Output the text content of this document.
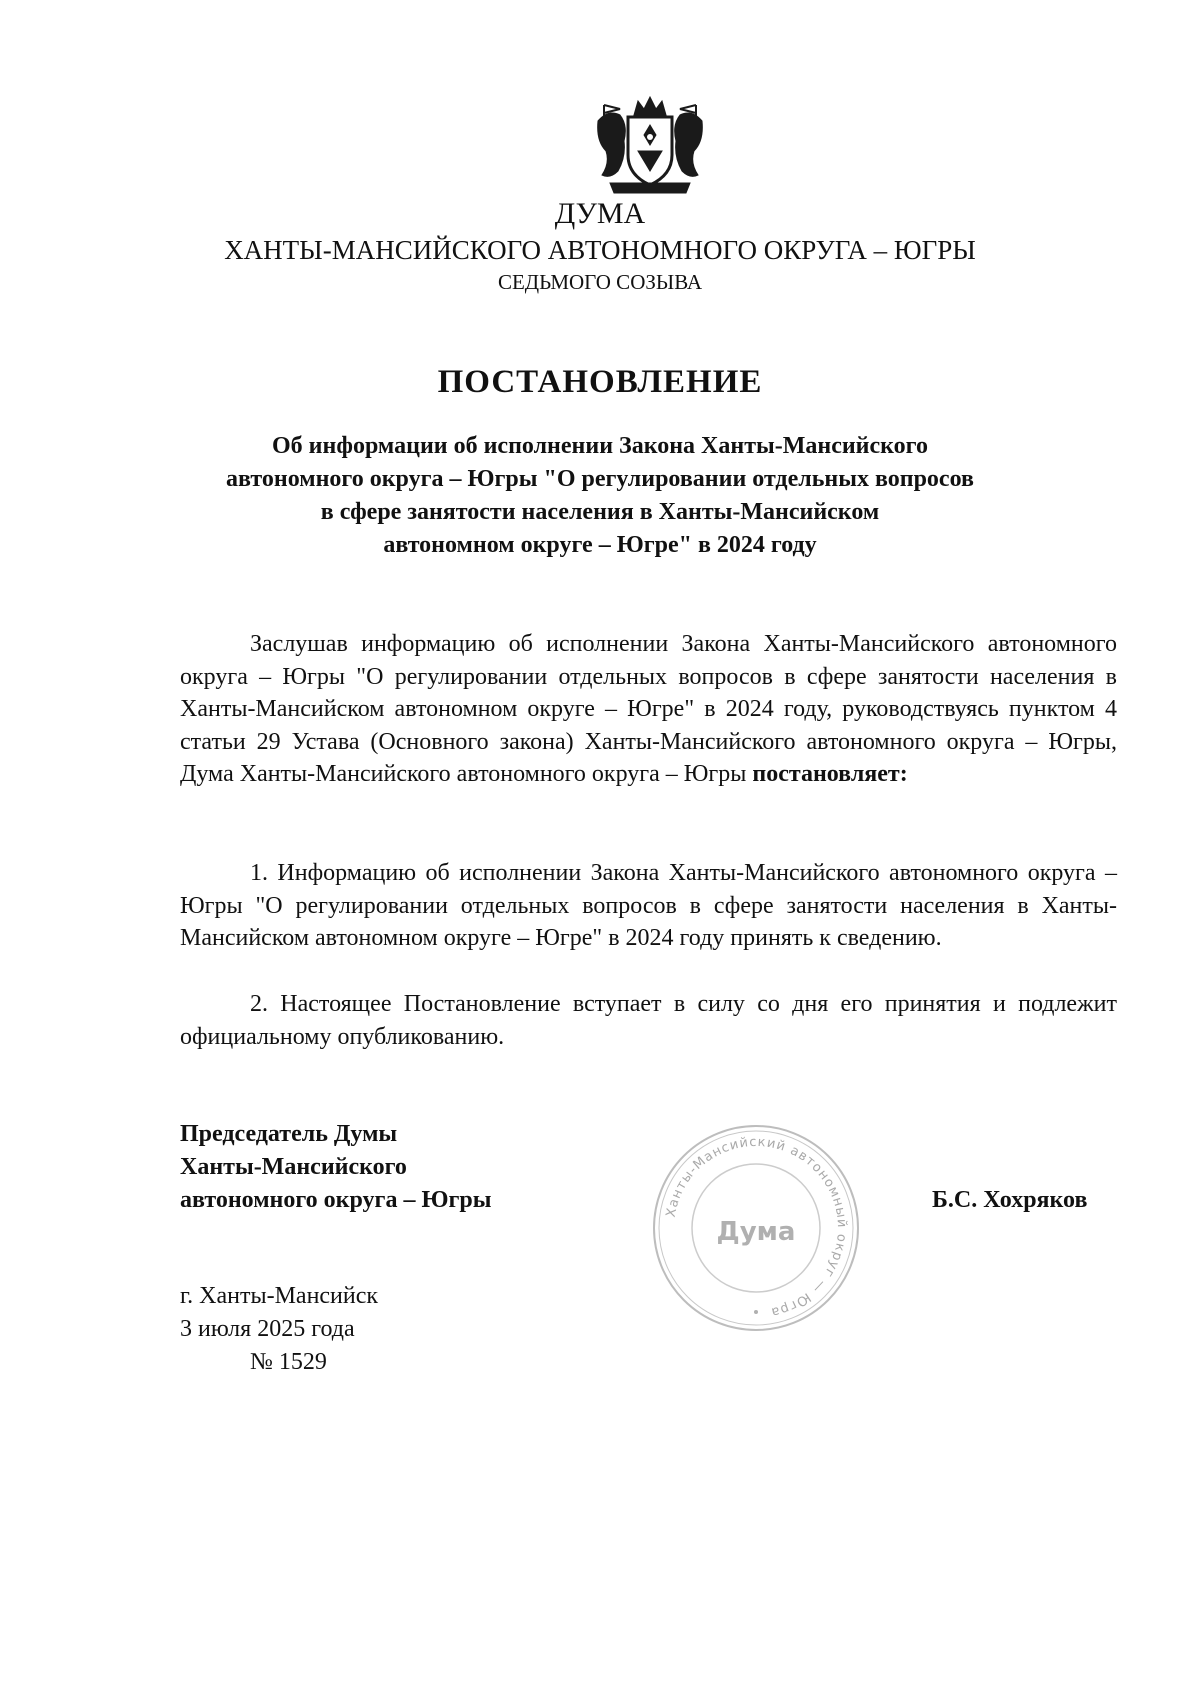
ДУМА
ХАНТЫ-МАНСИЙСКОГО АВТОНОМНОГО ОКРУГА – ЮГРЫ
СЕДЬМОГО СОЗЫВА
ПОСТАНОВЛЕНИЕ
Об информации об исполнении Закона Ханты-Мансийского
автономного округа – Югры "О регулировании отдельных вопросов
в сфере занятости населения в Ханты-Мансийском
автономном округе – Югре" в 2024 году
Заслушав информацию об исполнении Закона Ханты-Мансийского автономного округа – Югры "О регулировании отдельных вопросов в сфере занятости населения в Ханты-Мансийском автономном округе – Югре" в 2024 году, руководствуясь пунктом 4 статьи 29 Устава (Основного закона) Ханты-Мансийского автономного округа – Югры, Дума Ханты-Мансийского автономного округа – Югры постановляет:
1. Информацию об исполнении Закона Ханты-Мансийского автономного округа – Югры "О регулировании отдельных вопросов в сфере занятости населения в Ханты-Мансийском автономном округе – Югре" в 2024 году принять к сведению.
2. Настоящее Постановление вступает в силу со дня его принятия и подлежит официальному опубликованию.
Председатель Думы
Ханты-Мансийского
автономного округа – Югры	Ханты-Мансийский автономный округ — Югра
Дума
Б.С. Хохряков
г. Ханты-Мансийск
3 июля 2025 года
№ 1529
